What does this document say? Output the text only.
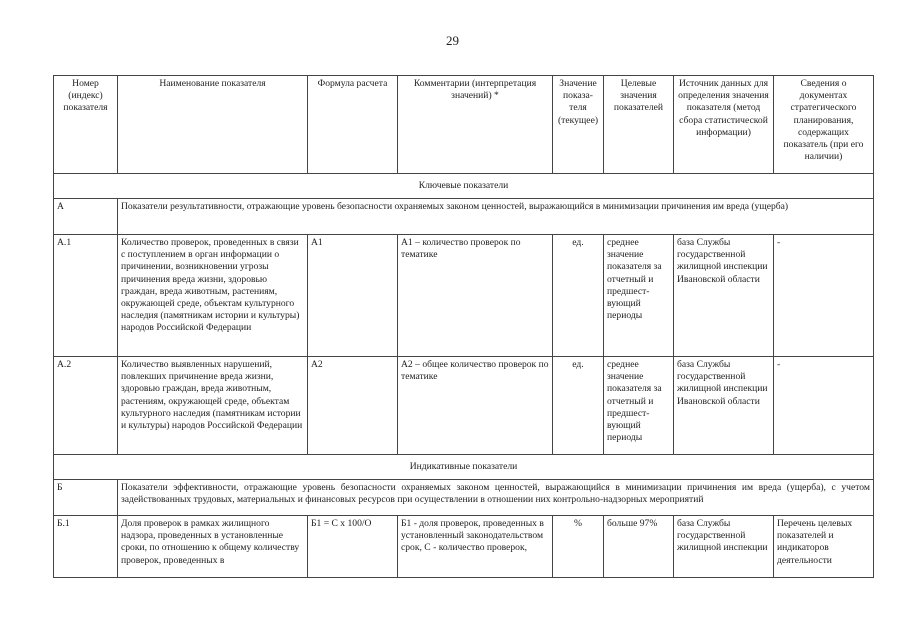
29
Номер (индекс) показателя	Наименование показателя	Формула расчета	Комментарии (интерпретация значений) *	Значение показа-теля (текущее)	Целевые значения показателей	Источник данных для определения значения показателя (метод сбора статистической информации)	Сведения о документах стратегического планирования, содержащих показатель (при его наличии)
Ключевые показатели							
А	Показатели результативности, отражающие уровень безопасности охраняемых законом ценностей, выражающийся в минимизации причинения им вреда (ущерба)						
А.1	Количество проверок, проведенных в связи с поступлением в орган информации о причинении, возникновении угрозы причинения вреда жизни, здоровью граждан, вреда животным, растениям, окружающей среде, объектам культурного наследия (памятникам истории и культуры) народов Российской Федерации	А1	А1 – количество проверок по тематике	ед.	среднее значение показателя за отчетный и предшест-вующий периоды	база Службы государственной жилищной инспекции Ивановской области	-
А.2	Количество выявленных нарушений, повлекших причинение вреда жизни, здоровью граждан, вреда животным, растениям, окружающей среде, объектам культурного наследия (памятникам истории и культуры) народов Российской Федерации	А2	А2 – общее количество проверок по тематике	ед.	среднее значение показателя за отчетный и предшест-вующий периоды	база Службы государственной жилищной инспекции Ивановской области	-
Индикативные показатели							
Б	Показатели эффективности, отражающие уровень безопасности охраняемых законом ценностей, выражающийся в минимизации причинения им вреда (ущерба), с учетом задействованных трудовых, материальных и финансовых ресурсов при осуществлении в отношении них контрольно-надзорных мероприятий						
Б.1	Доля проверок в рамках жилищного надзора, проведенных в установленные сроки, по отношению к общему количеству проверок, проведенных в	Б1 = С х 100/О	Б1 - доля проверок, проведенных в установленный законодательством срок, С - количество проверок,	%	больше 97%	база Службы государственной жилищной инспекции	Перечень целевых показателей и индикаторов деятельности
